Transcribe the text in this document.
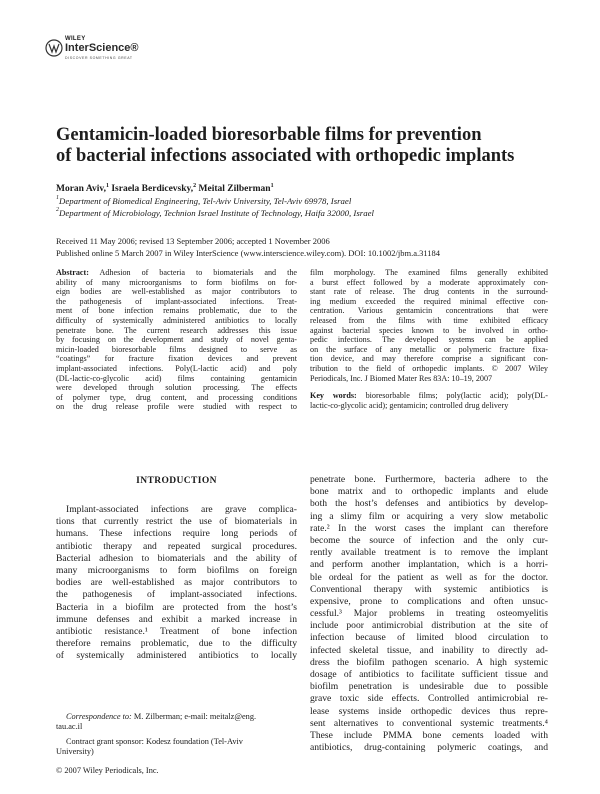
WILEY
InterScience®
DISCOVER SOMETHING GREAT
Gentamicin-loaded bioresorbable films for prevention
of bacterial infections associated with orthopedic implants
Moran Aviv,$^1$ Israela Berdicevsky,$^2$ Meital Zilberman$^1$
$^1$Department of Biomedical Engineering, Tel-Aviv University, Tel-Aviv 69978, Israel
$^2$Department of Microbiology, Technion Israel Institute of Technology, Haifa 32000, Israel
Received 11 May 2006; revised 13 September 2006; accepted 1 November 2006
Published online 5 March 2007 in Wiley InterScience (www.interscience.wiley.com). DOI: 10.1002/jbm.a.31184
Abstract: Adhesion of bacteria to biomaterials and the
ability of many microorganisms to form biofilms on for-
eign bodies are well-established as major contributors to
the pathogenesis of implant-associated infections. Treat-
ment of bone infection remains problematic, due to the
difficulty of systemically administered antibiotics to locally
penetrate bone. The current research addresses this issue
by focusing on the development and study of novel genta-
micin-loaded bioresorbable films designed to serve as
“coatings” for fracture fixation devices and prevent
implant-associated infections. Poly(L-lactic acid) and poly
(DL-lactic-co-glycolic acid) films containing gentamicin
were developed through solution processing. The effects
of polymer type, drug content, and processing conditions
on the drug release profile were studied with respect to
film morphology. The examined films generally exhibited
a burst effect followed by a moderate approximately con-
stant rate of release. The drug contents in the surround-
ing medium exceeded the required minimal effective con-
centration. Various gentamicin concentrations that were
released from the films with time exhibited efficacy
against bacterial species known to be involved in ortho-
pedic infections. The developed systems can be applied
on the surface of any metallic or polymeric fracture fixa-
tion device, and may therefore comprise a significant con-
tribution to the field of orthopedic implants. © 2007 Wiley
Periodicals, Inc. J Biomed Mater Res 83A: 10–19, 2007
Key words: bioresorbable films; poly(lactic acid); poly(DL-
lactic-co-glycolic acid); gentamicin; controlled drug delivery
INTRODUCTION
Implant-associated infections are grave complica-
tions that currently restrict the use of biomaterials in
humans. These infections require long periods of
antibiotic therapy and repeated surgical procedures.
Bacterial adhesion to biomaterials and the ability of
many microorganisms to form biofilms on foreign
bodies are well-established as major contributors to
the pathogenesis of implant-associated infections.
Bacteria in a biofilm are protected from the host’s
immune defenses and exhibit a marked increase in
antibiotic resistance.¹ Treatment of bone infection
therefore remains problematic, due to the difficulty
of systemically administered antibiotics to locally
penetrate bone. Furthermore, bacteria adhere to the
bone matrix and to orthopedic implants and elude
both the host’s defenses and antibiotics by develop-
ing a slimy film or acquiring a very slow metabolic
rate.² In the worst cases the implant can therefore
become the source of infection and the only cur-
rently available treatment is to remove the implant
and perform another implantation, which is a horri-
ble ordeal for the patient as well as for the doctor.
Conventional therapy with systemic antibiotics is
expensive, prone to complications and often unsuc-
cessful.³ Major problems in treating osteomyelitis
include poor antimicrobial distribution at the site of
infection because of limited blood circulation to
infected skeletal tissue, and inability to directly ad-
dress the biofilm pathogen scenario. A high systemic
dosage of antibiotics to facilitate sufficient tissue and
biofilm penetration is undesirable due to possible
grave toxic side effects. Controlled antimicrobial re-
lease systems inside orthopedic devices thus repre-
sent alternatives to conventional systemic treatments.⁴
These include PMMA bone cements loaded with
antibiotics, drug-containing polymeric coatings, and
Correspondence to: M. Zilberman; e-mail: meitalz@eng.
tau.ac.il
Contract grant sponsor: Kodesz foundation (Tel-Aviv
University)
© 2007 Wiley Periodicals, Inc.
